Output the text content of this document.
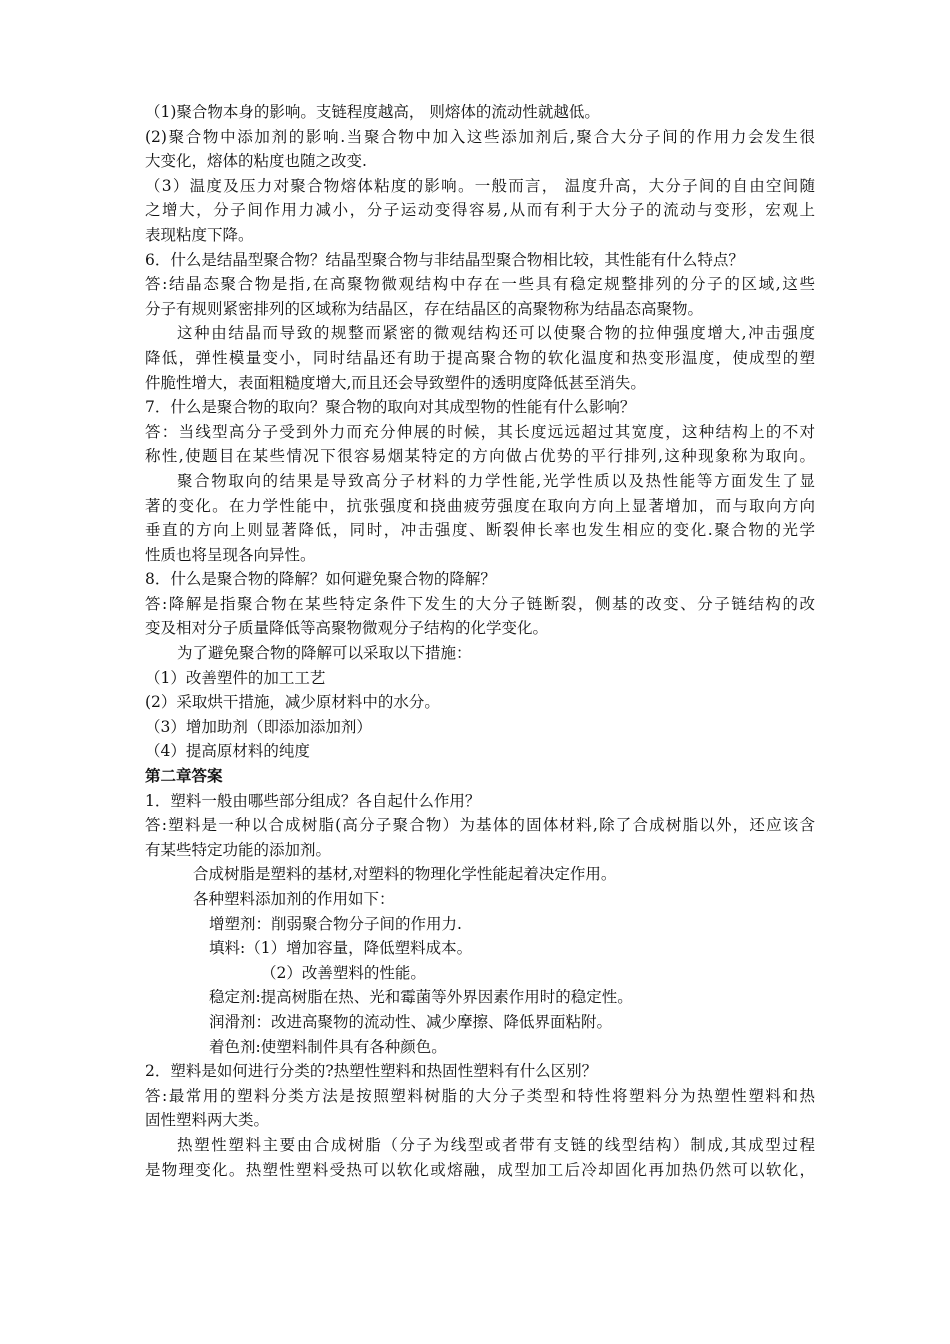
（1)聚合物本身的影响。支链程度越高， 则熔体的流动性就越低。
(2)聚合物中添加剂的影响.当聚合物中加入这些添加剂后,聚合大分子间的作用力会发生很
大变化，熔体的粘度也随之改变.
（3）温度及压力对聚合物熔体粘度的影响。一般而言， 温度升高，大分子间的自由空间随
之增大，分子间作用力减小，分子运动变得容易,从而有利于大分子的流动与变形，宏观上
表现粘度下降。
6．什么是结晶型聚合物？结晶型聚合物与非结晶型聚合物相比较，其性能有什么特点？
答:结晶态聚合物是指,在高聚物微观结构中存在一些具有稳定规整排列的分子的区域,这些
分子有规则紧密排列的区域称为结晶区，存在结晶区的高聚物称为结晶态高聚物。
这种由结晶而导致的规整而紧密的微观结构还可以使聚合物的拉伸强度增大,冲击强度
降低，弹性模量变小，同时结晶还有助于提高聚合物的软化温度和热变形温度，使成型的塑
件脆性增大，表面粗糙度增大,而且还会导致塑件的透明度降低甚至消失。
7．什么是聚合物的取向？聚合物的取向对其成型物的性能有什么影响？
答：当线型高分子受到外力而充分伸展的时候，其长度远远超过其宽度，这种结构上的不对
称性,使题目在某些情况下很容易烟某特定的方向做占优势的平行排列,这种现象称为取向。
聚合物取向的结果是导致高分子材料的力学性能,光学性质以及热性能等方面发生了显
著的变化。在力学性能中，抗张强度和挠曲疲劳强度在取向方向上显著增加，而与取向方向
垂直的方向上则显著降低，同时，冲击强度、断裂伸长率也发生相应的变化.聚合物的光学
性质也将呈现各向异性。
8．什么是聚合物的降解？如何避免聚合物的降解？
答:降解是指聚合物在某些特定条件下发生的大分子链断裂，侧基的改变、分子链结构的改
变及相对分子质量降低等高聚物微观分子结构的化学变化。
为了避免聚合物的降解可以采取以下措施：
（1）改善塑件的加工工艺
(2）采取烘干措施，减少原材料中的水分。
（3）增加助剂（即添加添加剂）
（4）提高原材料的纯度
第二章答案
1．塑料一般由哪些部分组成？各自起什么作用？
答:塑料是一种以合成树脂(高分子聚合物）为基体的固体材料,除了合成树脂以外，还应该含
有某些特定功能的添加剂。
合成树脂是塑料的基材,对塑料的物理化学性能起着决定作用。
各种塑料添加剂的作用如下：
增塑剂：削弱聚合物分子间的作用力.
填料:（1）增加容量，降低塑料成本。
（2）改善塑料的性能。
稳定剂:提高树脂在热、光和霉菌等外界因素作用时的稳定性。
润滑剂：改进高聚物的流动性、减少摩擦、降低界面粘附。
着色剂:使塑料制件具有各种颜色。
2．塑料是如何进行分类的?热塑性塑料和热固性塑料有什么区别？
答:最常用的塑料分类方法是按照塑料树脂的大分子类型和特性将塑料分为热塑性塑料和热
固性塑料两大类。
热塑性塑料主要由合成树脂（分子为线型或者带有支链的线型结构）制成,其成型过程
是物理变化。热塑性塑料受热可以软化或熔融，成型加工后冷却固化再加热仍然可以软化，
